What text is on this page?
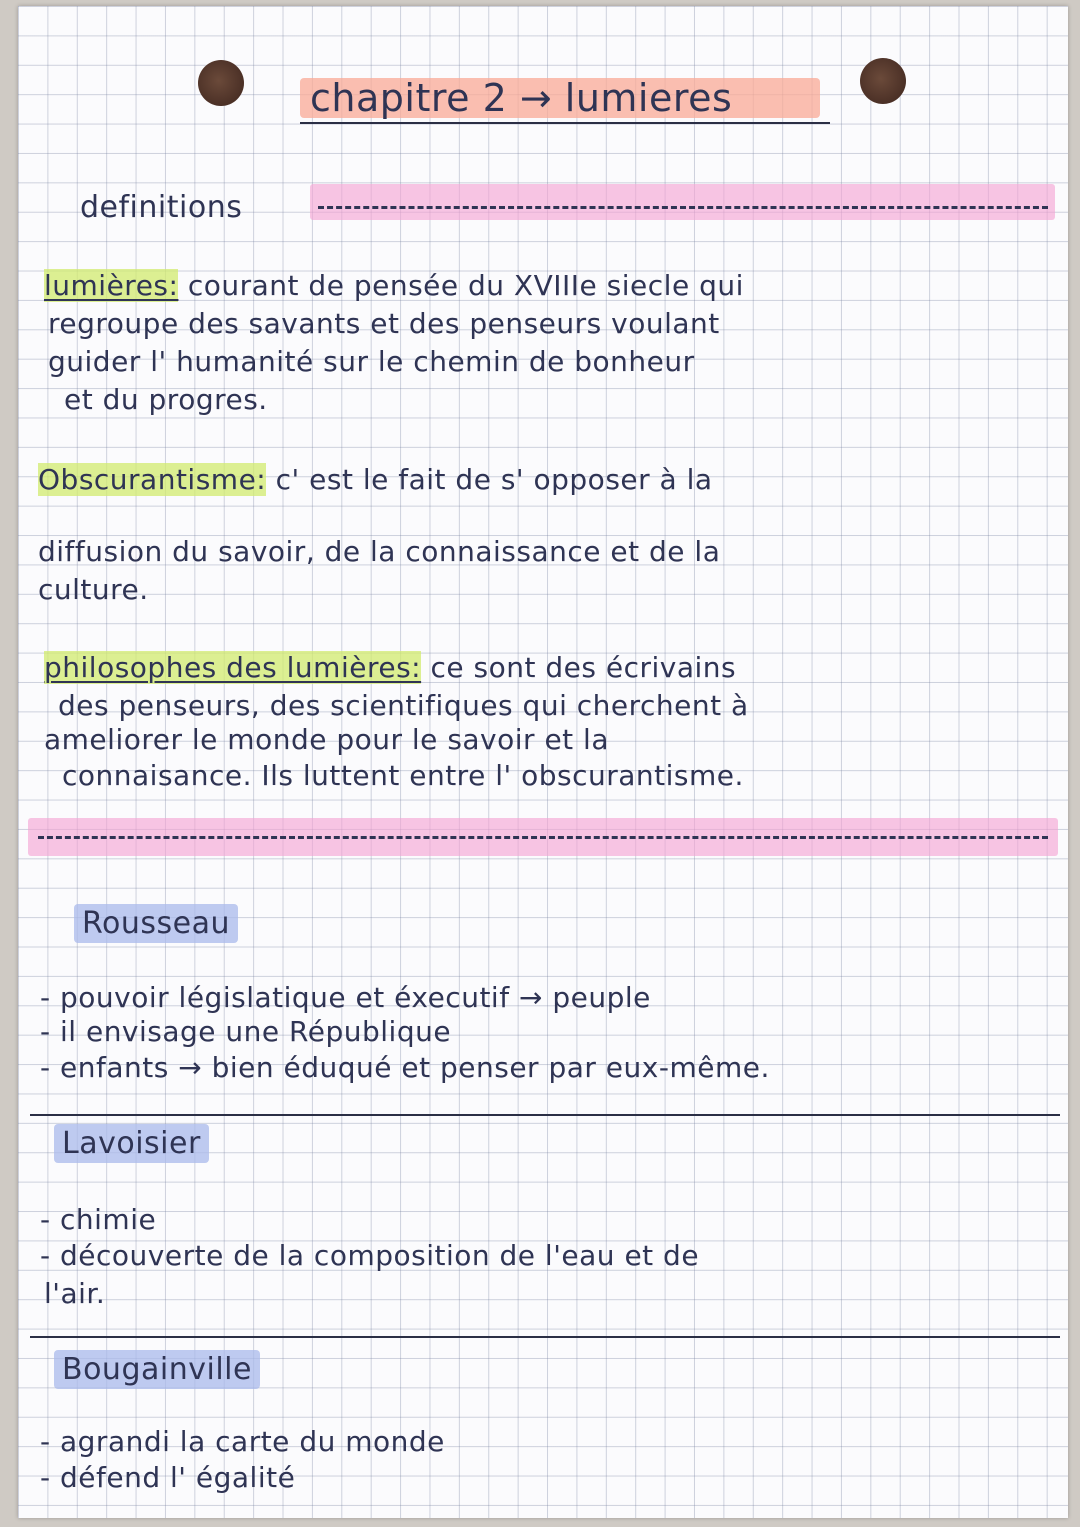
chapitre 2 → lumieres
definitions
lumières: courant de pensée du XVIIIe siecle qui
regroupe des savants et des penseurs voulant
guider l' humanité sur le chemin de bonheur
et du progres.
Obscurantisme: c' est le fait de s' opposer à la
diffusion du savoir, de la connaissance et de la
culture.
philosophes des lumières: ce sont des écrivains
des penseurs, des scientifiques qui cherchent à
ameliorer le monde pour le savoir et la
connaisance. Ils luttent entre l' obscurantisme.
Rousseau
- pouvoir législatique et éxecutif → peuple
- il envisage une République
- enfants → bien éduqué et penser par eux-même.
Lavoisier
- chimie
- découverte de la composition de l'eau et de
l'air.
Bougainville
- agrandi la carte du monde
- défend l' égalité
